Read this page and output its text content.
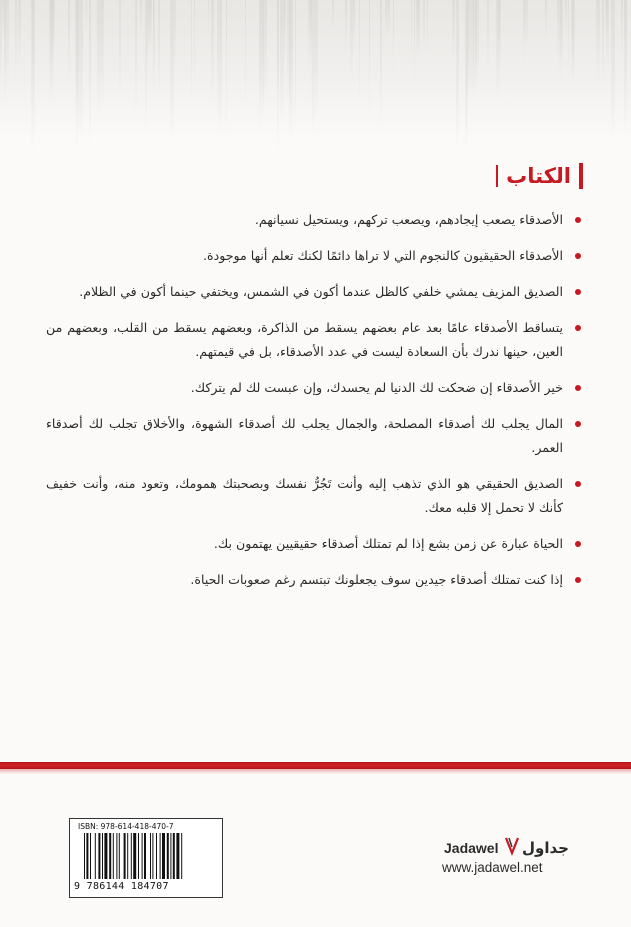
الكتاب
الأصدقاء يصعب إيجادهم، ويصعب تركهم، ويستحيل نسيانهم.
الأصدقاء الحقيقيون كالنجوم التي لا تراها دائمًا لكنك تعلم أنها موجودة.
الصديق المزيف يمشي خلفي كالظل عندما أكون في الشمس، ويختفي حينما أكون في الظلام.
يتساقط الأصدقاء عامًا بعد عام بعضهم يسقط من الذاكرة، وبعضهم يسقط من القلب، وبعضهم من العين، حينها ندرك بأن السعادة ليست في عدد الأصدقاء، بل في قيمتهم.
خير الأصدقاء إن ضحكت لك الدنيا لم يحسدك، وإن عبست لك لم يتركك.
المال يجلب لك أصدقاء المصلحة، والجمال يجلب لك أصدقاء الشهوة، والأخلاق تجلب لك أصدقاء العمر.
الصديق الحقيقي هو الذي تذهب إليه وأنت تَجُرُّ نفسك وبصحبتك همومك، وتعود منه، وأنت خفيف كأنك لا تحمل إلا قلبه معك.
الحياة عبارة عن زمن بشع إذا لم تمتلك أصدقاء حقيقيين يهتمون بك.
إذا كنت تمتلك أصدقاء جيدين سوف يجعلونك تبتسم رغم صعوبات الحياة.
ISBN: 978-614-418-470-7
9 786144 184707
Jadawel جداول
www.jadawel.net
